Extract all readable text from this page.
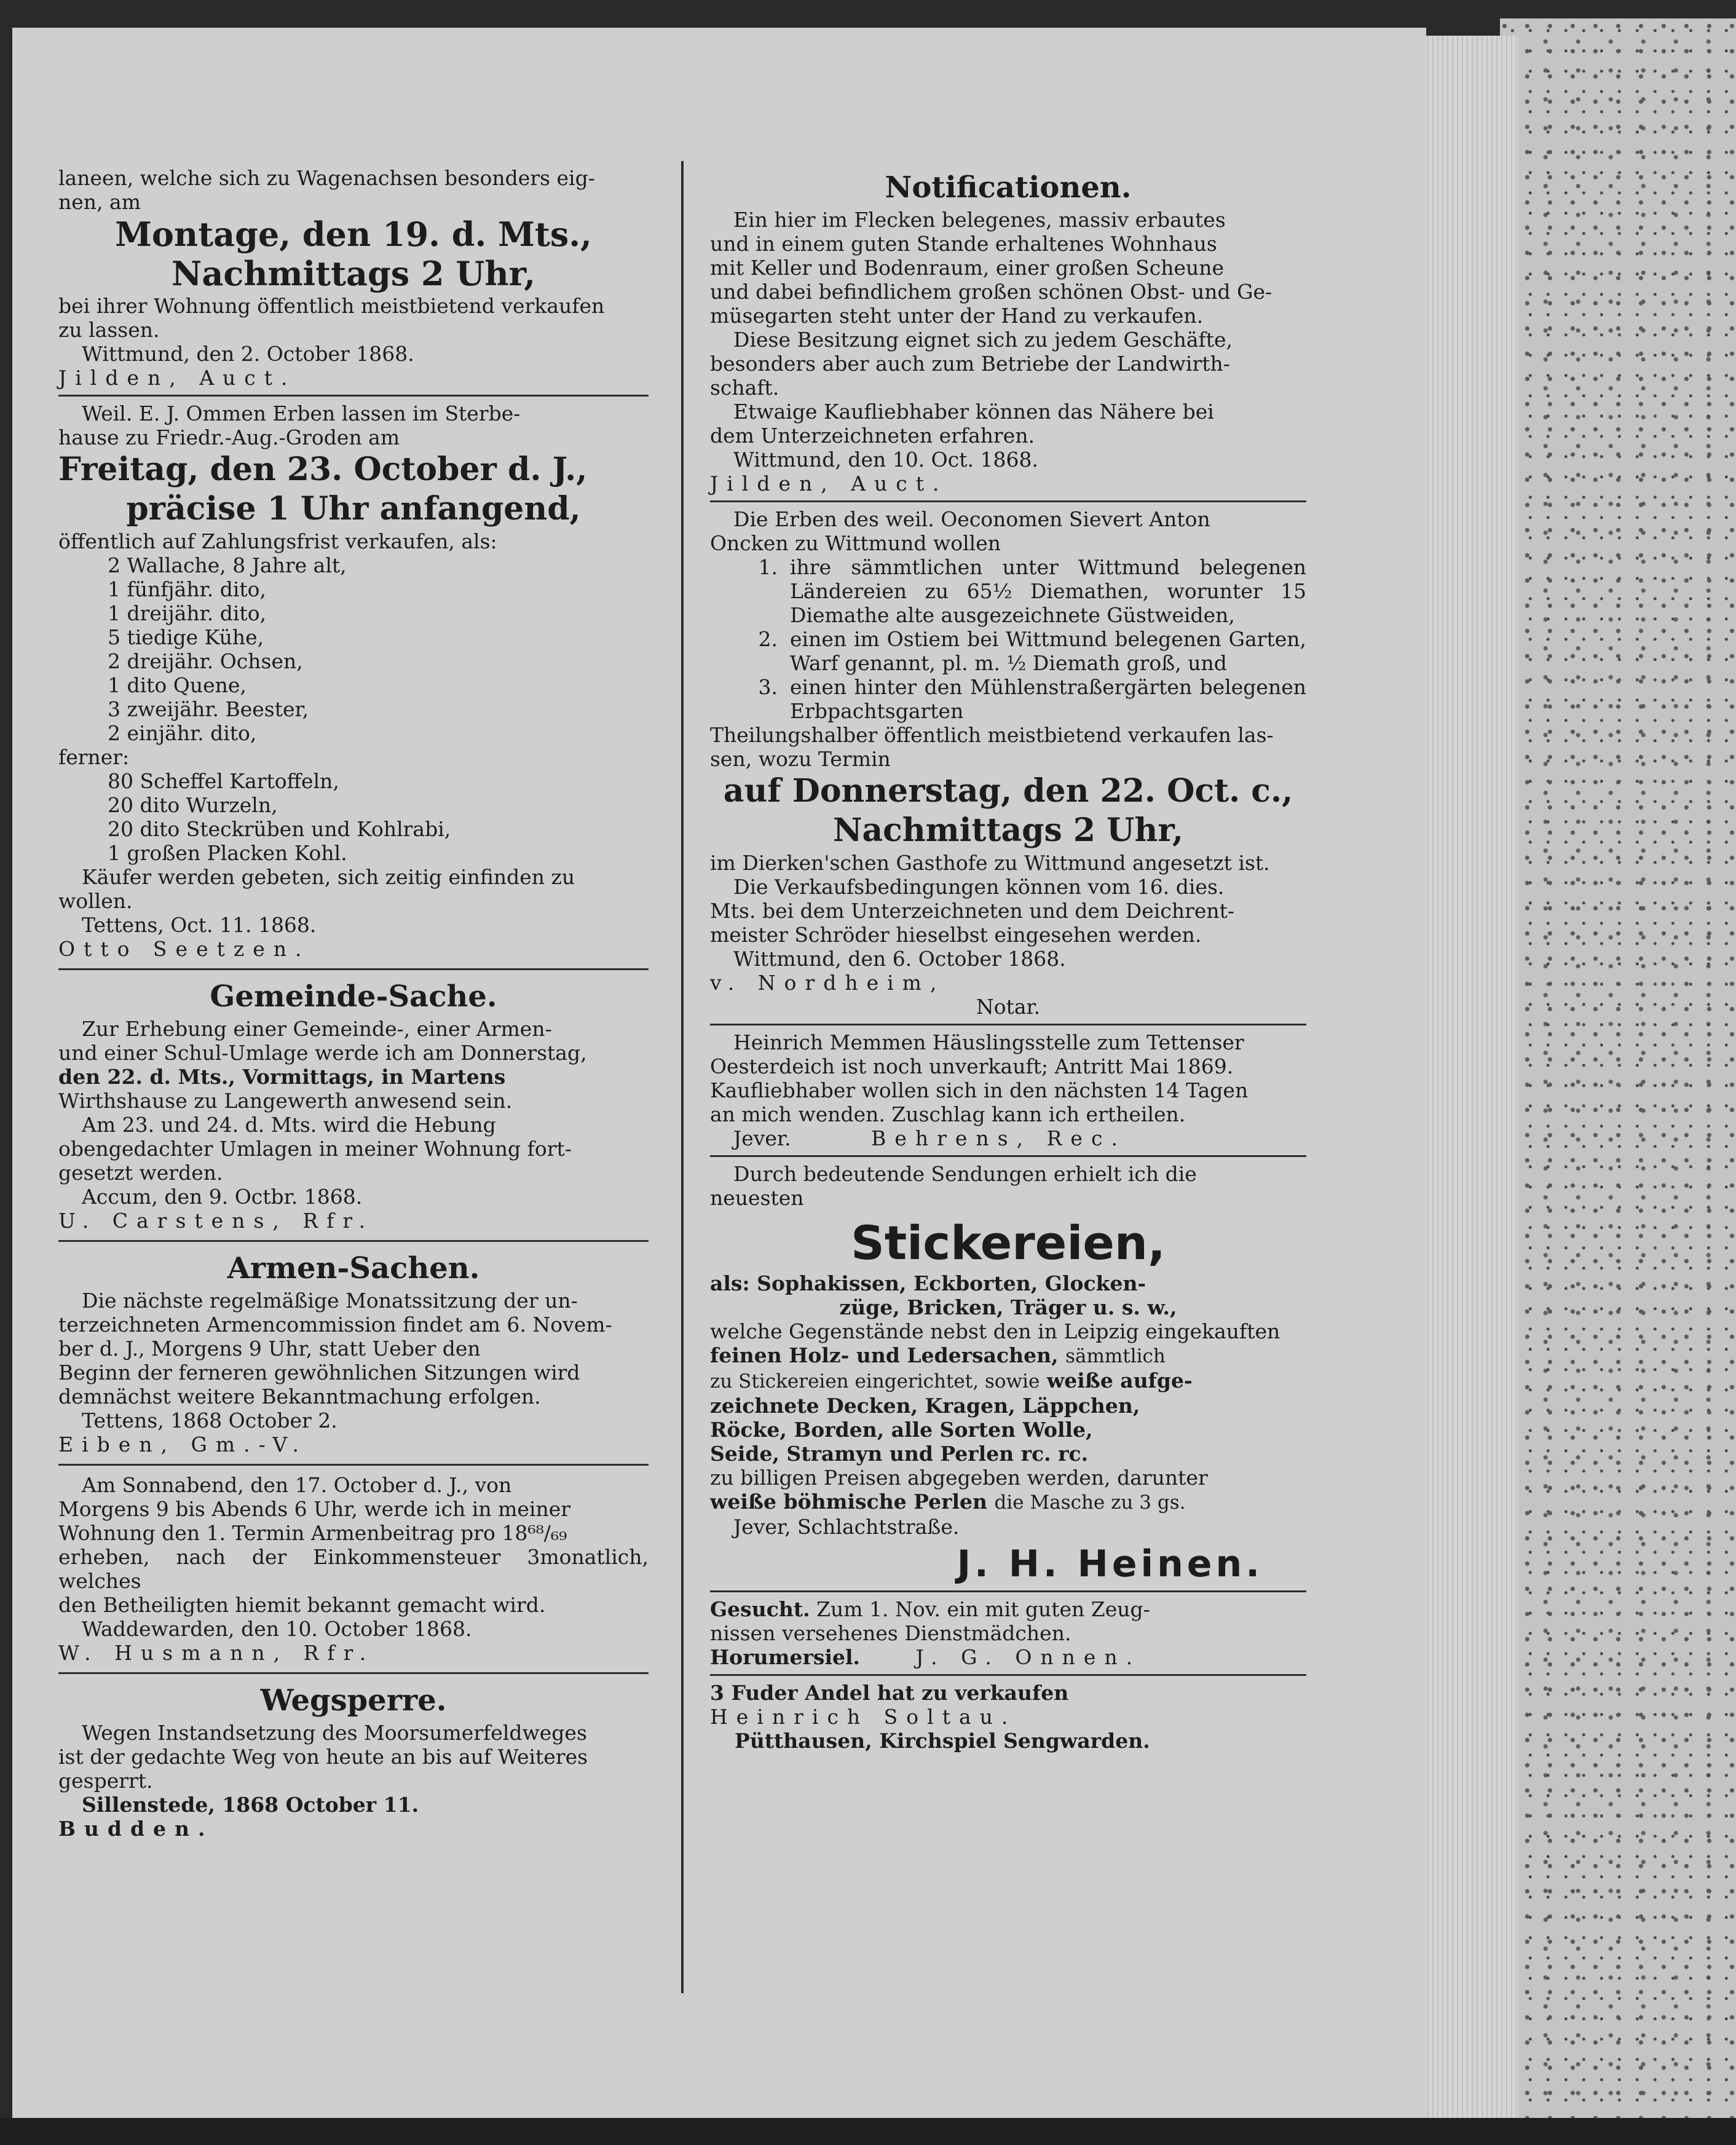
laneen, welche sich zu Wagenachsen besonders eig-

nen, am

Montage, den 19. d. Mts.,
Nachmittags 2 Uhr,

bei ihrer Wohnung öffentlich meistbietend verkaufen

zu lassen.

Wittmund, den 2. October 1868.

Jilden, Auct.

Weil. E. J. Ommen Erben lassen im Sterbe-

hause zu Friedr.-Aug.-Groden am

Freitag, den 23. October d. J.,
präcise 1 Uhr anfangend,

öffentlich auf Zahlungsfrist verkaufen, als:

2 Wallache, 8 Jahre alt,

1 fünfjähr. dito,

1 dreijähr. dito,

5 tiedige Kühe,

2 dreijähr. Ochsen,

1 dito Quene,

3 zweijähr. Beester,

2 einjähr. dito,

ferner:

80 Scheffel Kartoffeln,

20 dito Wurzeln,

20 dito Steckrüben und Kohlrabi,

1 großen Placken Kohl.

Käufer werden gebeten, sich zeitig einfinden zu

wollen.

Tettens, Oct. 11. 1868.

Otto Seetzen.

Gemeinde-Sache.

Zur Erhebung einer Gemeinde-, einer Armen-

und einer Schul-Umlage werde ich am Donnerstag,

den 22. d. Mts., Vormittags, in Martens

Wirthshause zu Langewerth anwesend sein.

Am 23. und 24. d. Mts. wird die Hebung

obengedachter Umlagen in meiner Wohnung fort-

gesetzt werden.

Accum, den 9. Octbr. 1868.

U. Carstens, Rfr.

Armen-Sachen.

Die nächste regelmäßige Monatssitzung der un-

terzeichneten Armencommission findet am 6. Novem-

ber d. J., Morgens 9 Uhr, statt Ueber den

Beginn der ferneren gewöhnlichen Sitzungen wird

demnächst weitere Bekanntmachung erfolgen.

Tettens, 1868 October 2.

Eiben, Gm.-V.

Am Sonnabend, den 17. October d. J., von

Morgens 9 bis Abends 6 Uhr, werde ich in meiner

Wohnung den 1. Termin Armenbeitrag pro 18⁶⁸/₆₉

erheben, nach der Einkommensteuer 3monatlich, welches

den Betheiligten hiemit bekannt gemacht wird.

Waddewarden, den 10. October 1868.

W. Husmann, Rfr.

Wegsperre.

Wegen Instandsetzung des Moorsumerfeldweges

ist der gedachte Weg von heute an bis auf Weiteres

gesperrt.

Sillenstede, 1868 October 11.

Budden.

Notificationen.

Ein hier im Flecken belegenes, massiv erbautes

und in einem guten Stande erhaltenes Wohnhaus

mit Keller und Bodenraum, einer großen Scheune

und dabei befindlichem großen schönen Obst- und Ge-

müsegarten steht unter der Hand zu verkaufen.

Diese Besitzung eignet sich zu jedem Geschäfte,

besonders aber auch zum Betriebe der Landwirth-

schaft.

Etwaige Kaufliebhaber können das Nähere bei

dem Unterzeichneten erfahren.

Wittmund, den 10. Oct. 1868.

Jilden, Auct.

Die Erben des weil. Oeconomen Sievert Anton

Oncken zu Wittmund wollen

1. ihre sämmtlichen unter Wittmund belegenen Ländereien zu 65½ Diemathen, worunter 15 Diemathe alte ausgezeichnete Güstweiden,
2. einen im Ostiem bei Wittmund belegenen Garten, Warf genannt, pl. m. ½ Diemath groß, und
3. einen hinter den Mühlenstraßergärten belegenen Erbpachtsgarten

Theilungshalber öffentlich meistbietend verkaufen las-

sen, wozu Termin

auf Donnerstag, den 22. Oct. c.,
Nachmittags 2 Uhr,

im Dierken'schen Gasthofe zu Wittmund angesetzt ist.

Die Verkaufsbedingungen können vom 16. dies.

Mts. bei dem Unterzeichneten und dem Deichrent-

meister Schröder hieselbst eingesehen werden.

Wittmund, den 6. October 1868.

v. Nordheim,

Notar.

Heinrich Memmen Häuslingsstelle zum Tettenser

Oesterdeich ist noch unverkauft; Antritt Mai 1869.

Kaufliebhaber wollen sich in den nächsten 14 Tagen

an mich wenden. Zuschlag kann ich ertheilen.

Jever.	Behrens, Rec.

Durch bedeutende Sendungen erhielt ich die

neuesten

Stickereien,

als: Sophakissen, Eckborten, Glocken-

züge, Bricken, Träger u. s. w.,

welche Gegenstände nebst den in Leipzig eingekauften

feinen Holz- und Ledersachen, sämmtlich

zu Stickereien eingerichtet, sowie weiße aufge-

zeichnete Decken, Kragen, Läppchen,

Röcke, Borden, alle Sorten Wolle,

Seide, Stramyn und Perlen rc. rc.

zu billigen Preisen abgegeben werden, darunter

weiße böhmische Perlen die Masche zu 3 gs.

Jever, Schlachtstraße.

J. H. Heinen.

Gesucht. Zum 1. Nov. ein mit guten Zeug-

nissen versehenes Dienstmädchen.

Horumersiel.	J. G. Onnen.

3 Fuder Andel hat zu verkaufen

Heinrich Soltau.

Pütthausen, Kirchspiel Sengwarden.
